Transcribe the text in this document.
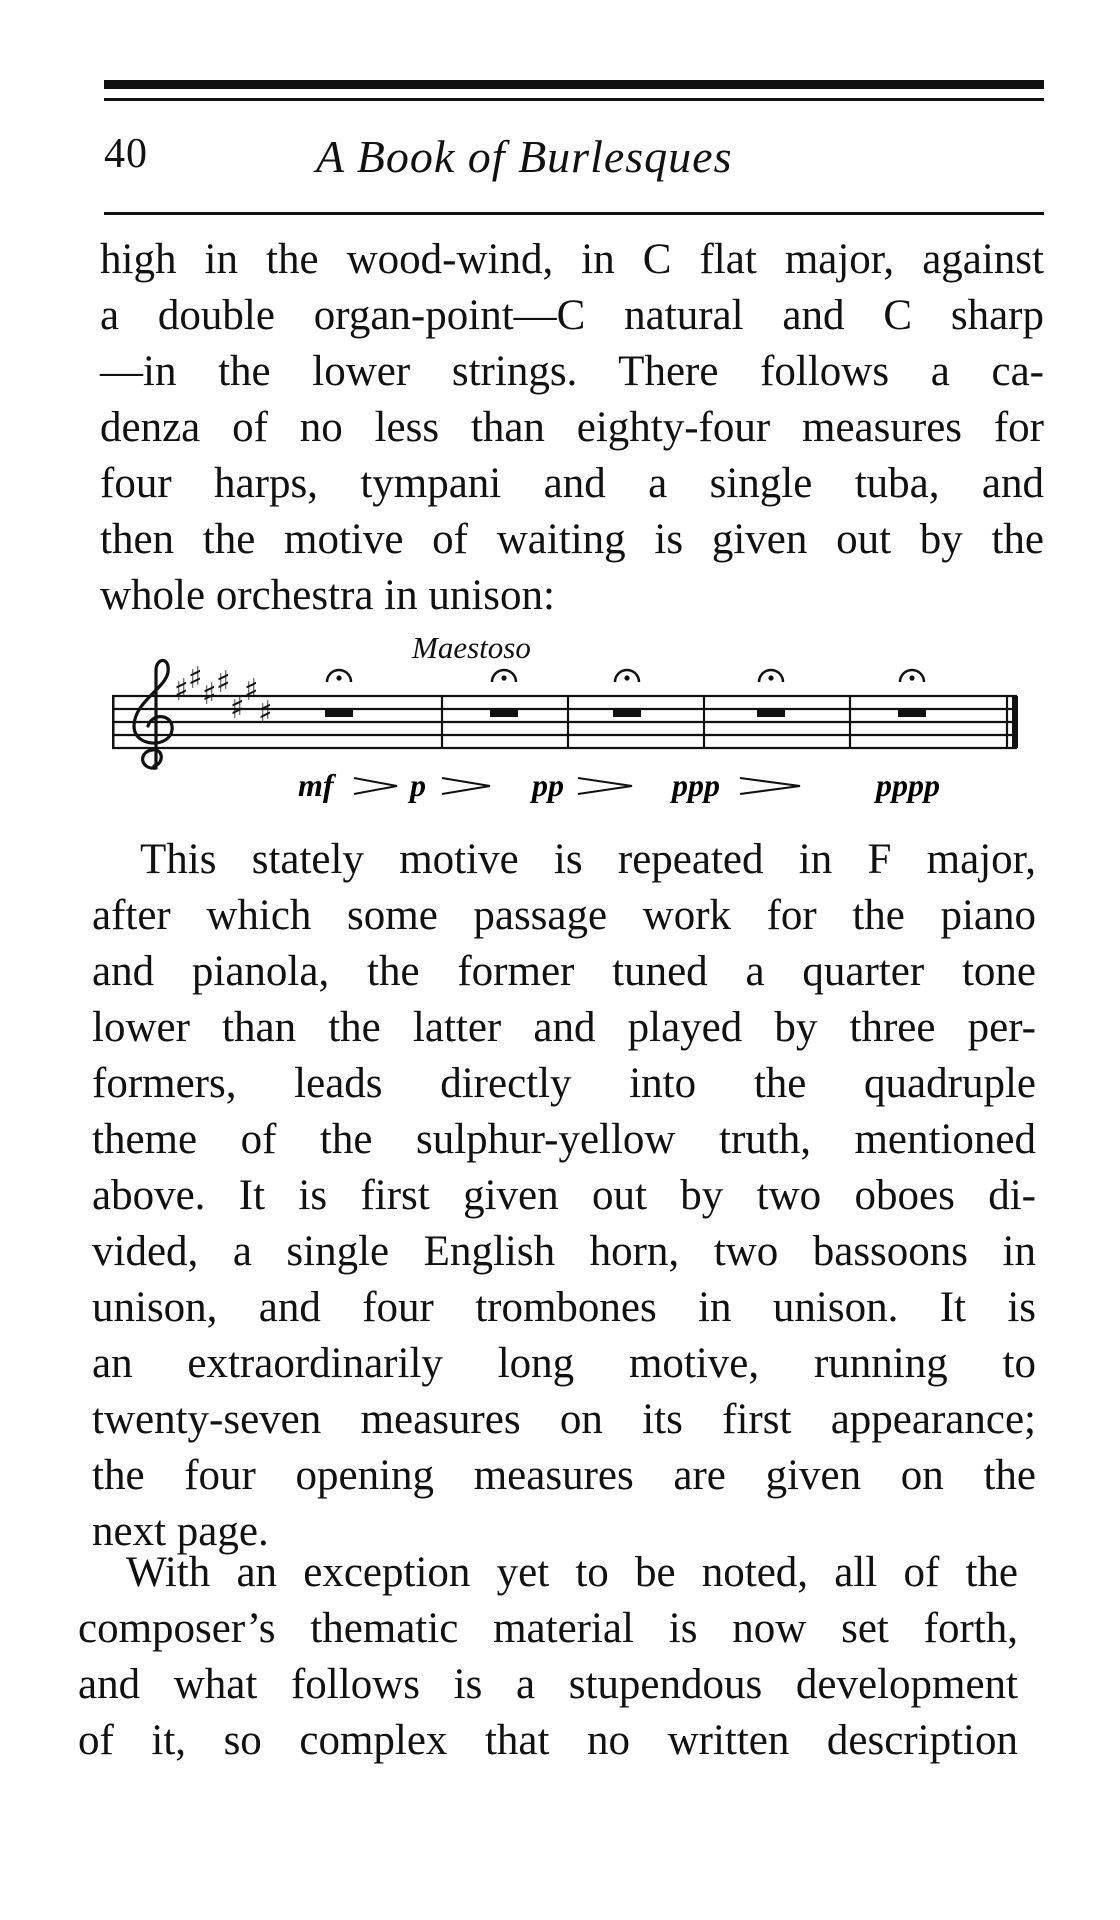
40	A Book of Burlesques
high in the wood-wind, in C flat major, against
a double organ-point—C natural and C sharp
—in the lower strings. There follows a ca-
denza of no less than eighty-four measures for
four harps, tympani and a single tuba, and
then the motive of waiting is given out by the
whole orchestra in unison:
Maestoso
♯ ♯ ♯ ♯
♯
♯
♯
mf p	pp	ppp	pppp
This stately motive is repeated in F major,
after which some passage work for the piano
and pianola, the former tuned a quarter tone
lower than the latter and played by three per-
formers, leads directly into the quadruple
theme of the sulphur-yellow truth, mentioned
above. It is first given out by two oboes di-
vided, a single English horn, two bassoons in
unison, and four trombones in unison. It is
an extraordinarily long motive, running to
twenty-seven measures on its first appearance;
the four opening measures are given on the
next page.
With an exception yet to be noted, all of the
composer’s thematic material is now set forth,
and what follows is a stupendous development
of it, so complex that no written description
